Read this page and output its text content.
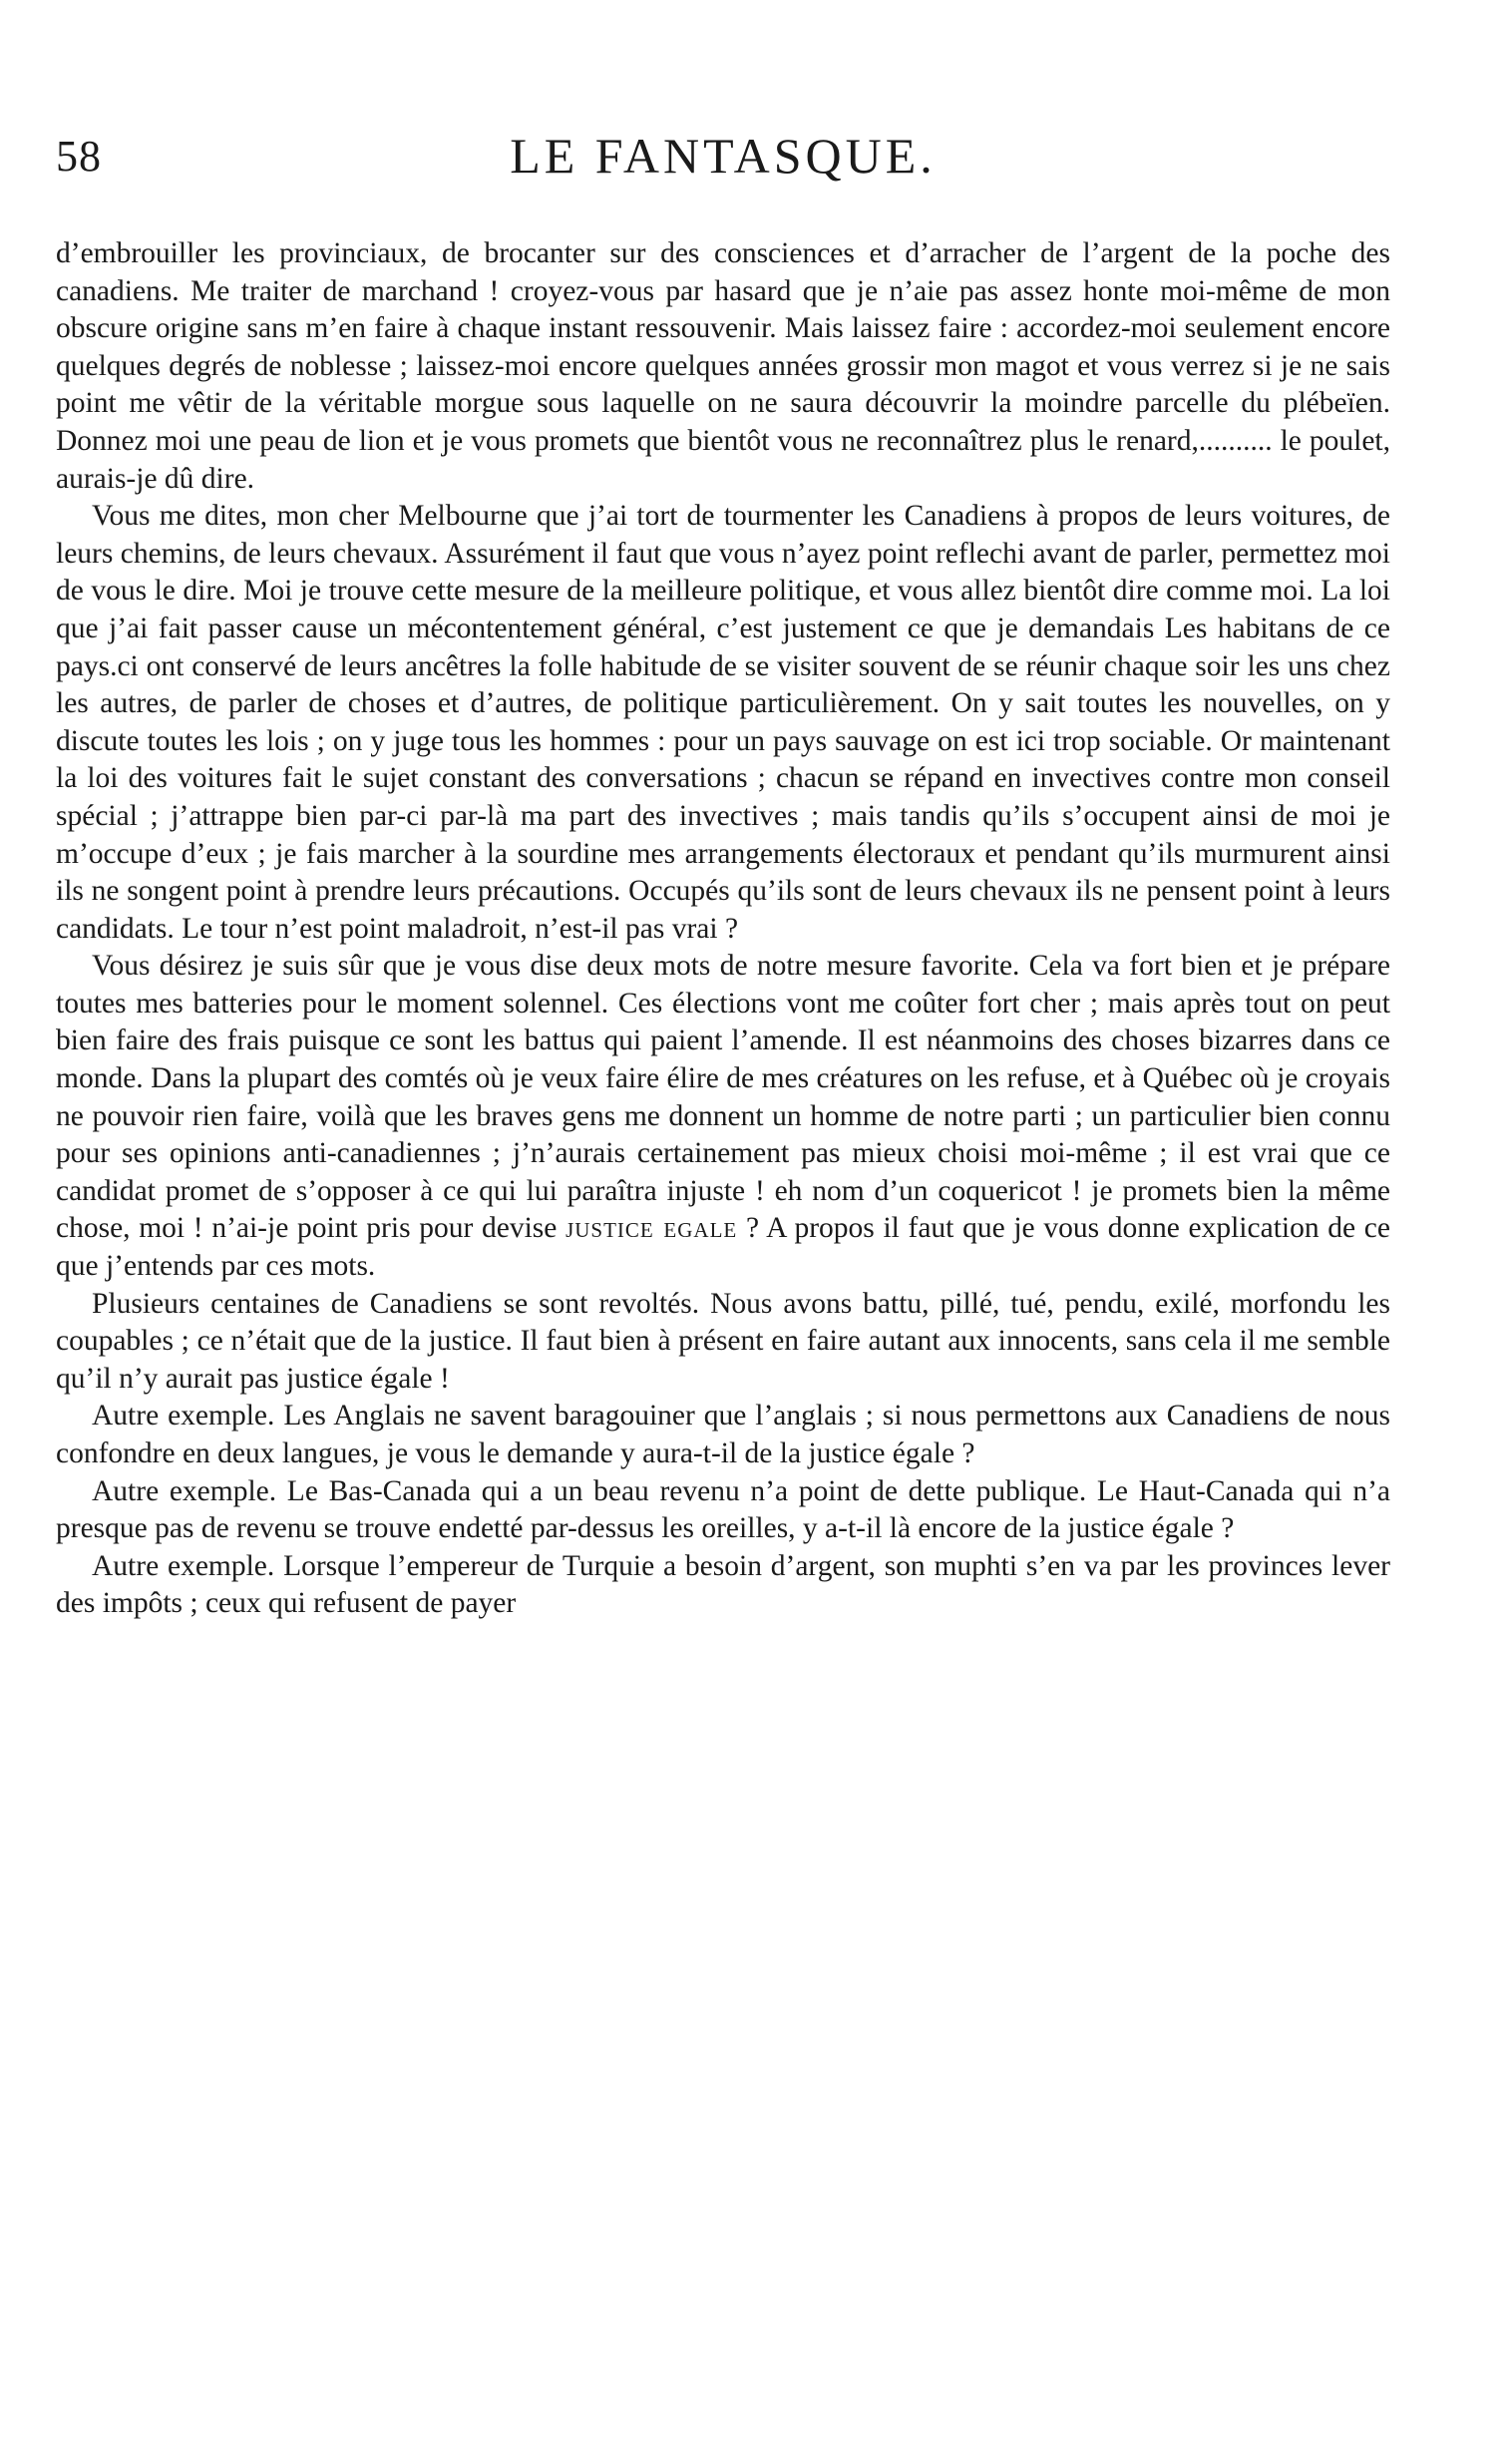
58	LE FANTASQUE.

d’embrouiller les provinciaux, de brocanter sur des consciences et d’arracher de l’argent de la poche des canadiens. Me traiter de marchand ! croyez-vous par hasard que je n’aie pas assez honte moi-même de mon obscure origine sans m’en faire à chaque instant ressouvenir. Mais laissez faire : accordez-moi seulement encore quelques degrés de noblesse ; laissez-moi encore quelques années grossir mon magot et vous verrez si je ne sais point me vêtir de la véritable morgue sous laquelle on ne saura découvrir la moindre parcelle du plébeïen. Donnez moi une peau de lion et je vous promets que bientôt vous ne reconnaîtrez plus le renard,.......... le poulet, aurais-je dû dire.

Vous me dites, mon cher Melbourne que j’ai tort de tourmenter les Canadiens à propos de leurs voitures, de leurs chemins, de leurs chevaux. Assurément il faut que vous n’ayez point reflechi avant de parler, permettez moi de vous le dire. Moi je trouve cette mesure de la meilleure politique, et vous allez bientôt dire comme moi. La loi que j’ai fait passer cause un mécontentement général, c’est justement ce que je demandais Les habitans de ce pays.ci ont conservé de leurs ancêtres la folle habitude de se visiter souvent de se réunir chaque soir les uns chez les autres, de parler de choses et d’autres, de politique particulièrement. On y sait toutes les nouvelles, on y discute toutes les lois ; on y juge tous les hommes : pour un pays sauvage on est ici trop sociable. Or maintenant la loi des voitures fait le sujet constant des conversations ; chacun se répand en invectives contre mon conseil spécial ; j’attrappe bien par-ci par-là ma part des invectives ; mais tandis qu’ils s’occupent ainsi de moi je m’occupe d’eux ; je fais marcher à la sourdine mes arrangements électoraux et pendant qu’ils murmurent ainsi ils ne songent point à prendre leurs précautions. Occupés qu’ils sont de leurs chevaux ils ne pensent point à leurs candidats. Le tour n’est point maladroit, n’est-il pas vrai ?

Vous désirez je suis sûr que je vous dise deux mots de notre mesure favorite. Cela va fort bien et je prépare toutes mes batteries pour le moment solennel. Ces élections vont me coûter fort cher ; mais après tout on peut bien faire des frais puisque ce sont les battus qui paient l’amende. Il est néanmoins des choses bizarres dans ce monde. Dans la plupart des comtés où je veux faire élire de mes créatures on les refuse, et à Québec où je croyais ne pouvoir rien faire, voilà que les braves gens me donnent un homme de notre parti ; un particulier bien connu pour ses opinions anti-canadiennes ; j’n’aurais certainement pas mieux choisi moi-même ; il est vrai que ce candidat promet de s’opposer à ce qui lui paraîtra injuste ! eh nom d’un coquericot ! je promets bien la même chose, moi ! n’ai-je point pris pour devise justice egale ? A propos il faut que je vous donne explication de ce que j’entends par ces mots.

Plusieurs centaines de Canadiens se sont revoltés. Nous avons battu, pillé, tué, pendu, exilé, morfondu les coupables ; ce n’était que de la justice. Il faut bien à présent en faire autant aux innocents, sans cela il me semble qu’il n’y aurait pas justice égale !

Autre exemple. Les Anglais ne savent baragouiner que l’anglais ; si nous permettons aux Canadiens de nous confondre en deux langues, je vous le demande y aura-t-il de la justice égale ?

Autre exemple. Le Bas-Canada qui a un beau revenu n’a point de dette publique. Le Haut-Canada qui n’a presque pas de revenu se trouve endetté par-dessus les oreilles, y a-t-il là encore de la justice égale ?

Autre exemple. Lorsque l’empereur de Turquie a besoin d’argent, son muphti s’en va par les provinces lever des impôts ; ceux qui refusent de payer
